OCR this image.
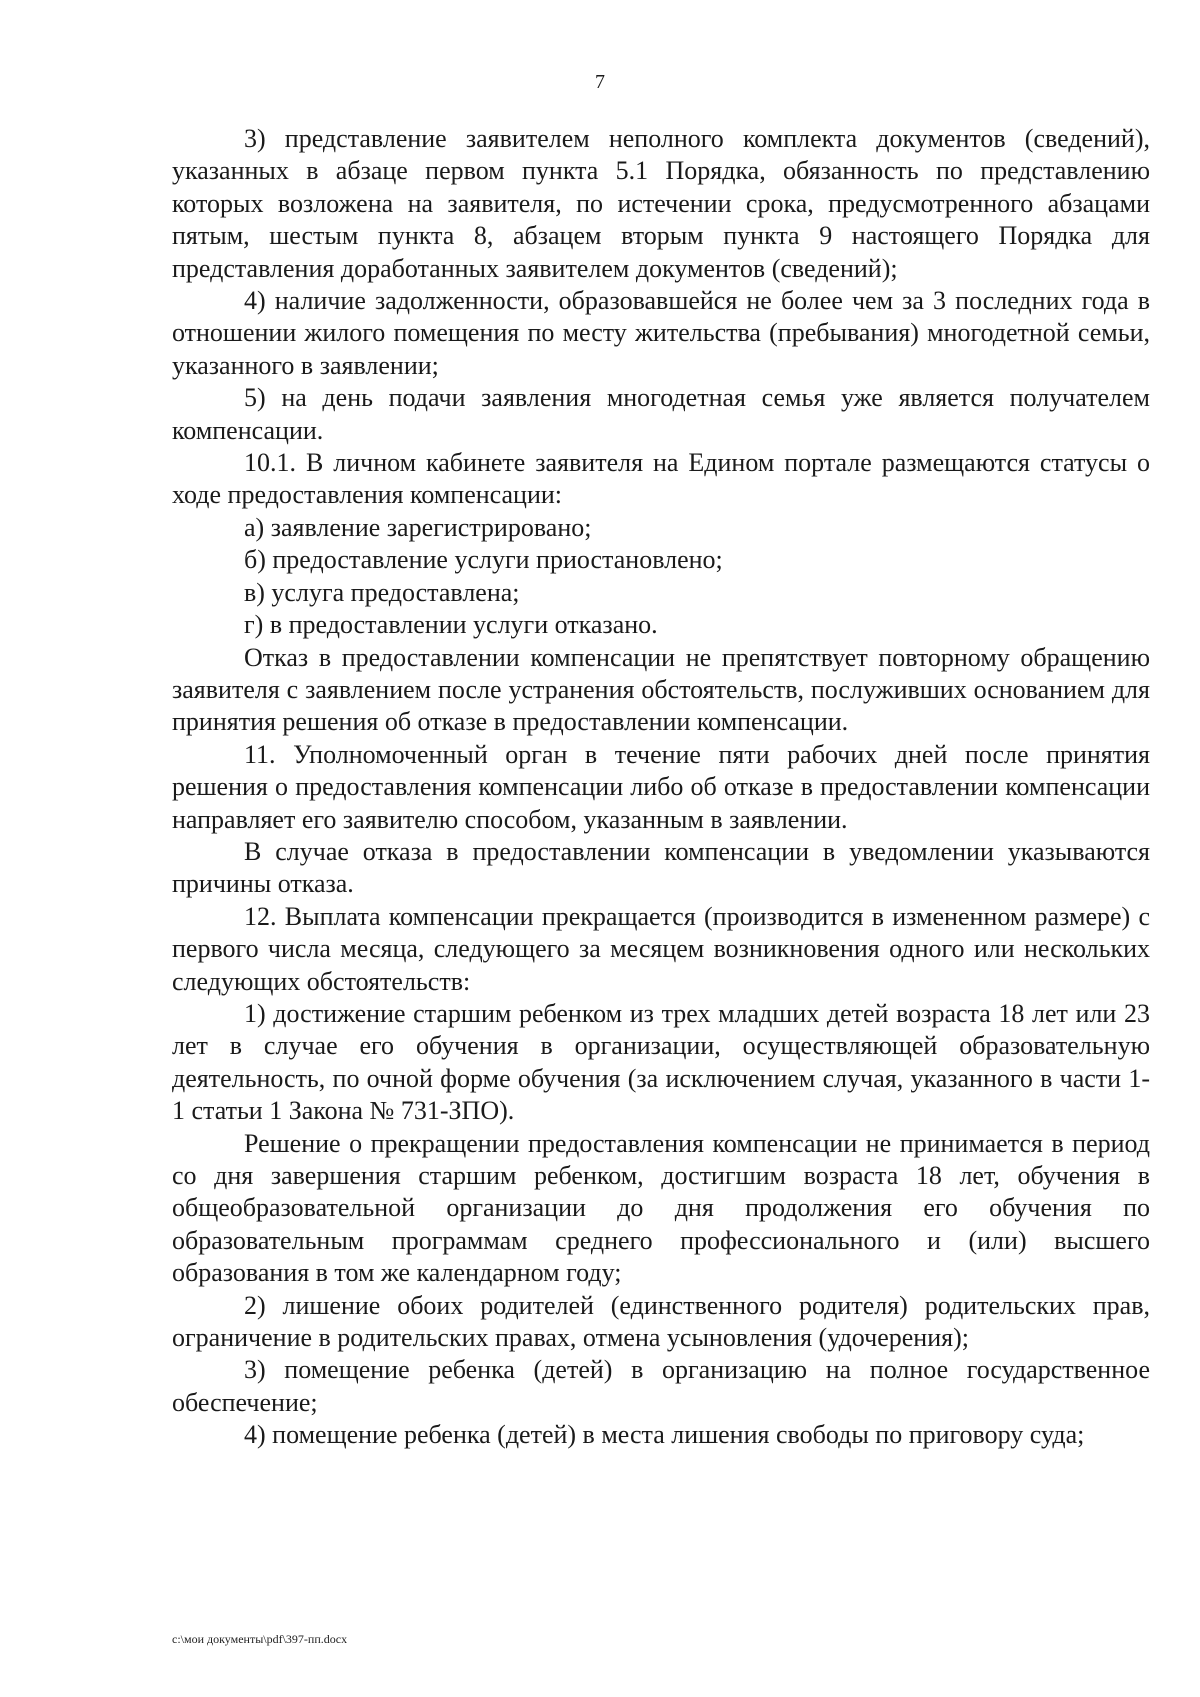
7

3) представление заявителем неполного комплекта документов (сведений), указанных в абзаце первом пункта 5.1 Порядка, обязанность по представлению которых возложена на заявителя, по истечении срока, предусмотренного абзацами пятым, шестым пункта 8, абзацем вторым пункта 9 настоящего Порядка для представления доработанных заявителем документов (сведений);

4) наличие задолженности, образовавшейся не более чем за 3 последних года в отношении жилого помещения по месту жительства (пребывания) многодетной семьи, указанного в заявлении;

5) на день подачи заявления многодетная семья уже является получателем компенсации.

10.1. В личном кабинете заявителя на Едином портале размещаются статусы о ходе предоставления компенсации:

а) заявление зарегистрировано;

б) предоставление услуги приостановлено;

в) услуга предоставлена;

г) в предоставлении услуги отказано.

Отказ в предоставлении компенсации не препятствует повторному обращению заявителя с заявлением после устранения обстоятельств, послуживших основанием для принятия решения об отказе в предоставлении компенсации.

11. Уполномоченный орган в течение пяти рабочих дней после принятия решения о предоставления компенсации либо об отказе в предоставлении компенсации направляет его заявителю способом, указанным в заявлении.

В случае отказа в предоставлении компенсации в уведомлении указываются причины отказа.

12. Выплата компенсации прекращается (производится в измененном размере) с первого числа месяца, следующего за месяцем возникновения одного или нескольких следующих обстоятельств:

1) достижение старшим ребенком из трех младших детей возраста 18 лет или 23 лет в случае его обучения в организации, осуществляющей образовательную деятельность, по очной форме обучения (за исключением случая, указанного в части 1-1 статьи 1 Закона № 731-ЗПО).

Решение о прекращении предоставления компенсации не принимается в период со дня завершения старшим ребенком, достигшим возраста 18 лет, обучения в общеобразовательной организации до дня продолжения его обучения по образовательным программам среднего профессионального и (или) высшего образования в том же календарном году;

2) лишение обоих родителей (единственного родителя) родительских прав, ограничение в родительских правах, отмена усыновления (удочерения);

3) помещение ребенка (детей) в организацию на полное государственное обеспечение;

4) помещение ребенка (детей) в места лишения свободы по приговору суда;

c:\мои документы\pdf\397-пп.docx
